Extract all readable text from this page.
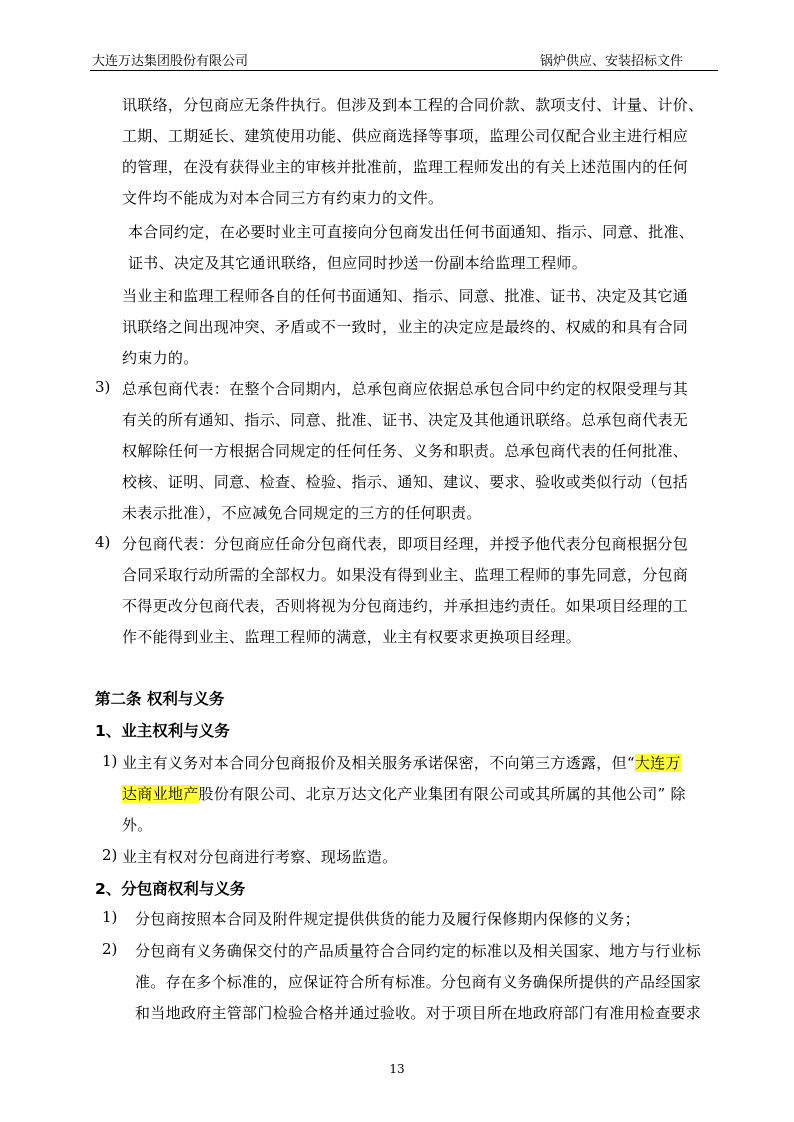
大连万达集团股份有限公司	锅炉供应、安装招标文件
讯联络，分包商应无条件执行。但涉及到本工程的合同价款、款项支付、计量、计价、
工期、工期延长、建筑使用功能、供应商选择等事项，监理公司仅配合业主进行相应
的管理，在没有获得业主的审核并批准前，监理工程师发出的有关上述范围内的任何
文件均不能成为对本合同三方有约束力的文件。
本合同约定，在必要时业主可直接向分包商发出任何书面通知、指示、同意、批准、
证书、决定及其它通讯联络，但应同时抄送一份副本给监理工程师。
当业主和监理工程师各自的任何书面通知、指示、同意、批准、证书、决定及其它通
讯联络之间出现冲突、矛盾或不一致时，业主的决定应是最终的、权威的和具有合同
约束力的。
3) 总承包商代表：在整个合同期内，总承包商应依据总承包合同中约定的权限受理与其
有关的所有通知、指示、同意、批准、证书、决定及其他通讯联络。总承包商代表无
权解除任何一方根据合同规定的任何任务、义务和职责。总承包商代表的任何批准、
校核、证明、同意、检查、检验、指示、通知、建议、要求、验收或类似行动（包括
未表示批准），不应减免合同规定的三方的任何职责。
4) 分包商代表：分包商应任命分包商代表，即项目经理，并授予他代表分包商根据分包
合同采取行动所需的全部权力。如果没有得到业主、监理工程师的事先同意，分包商
不得更改分包商代表，否则将视为分包商违约，并承担违约责任。如果项目经理的工
作不能得到业主、监理工程师的满意，业主有权要求更换项目经理。
第二条 权利与义务
1、业主权利与义务
1) 业主有义务对本合同分包商报价及相关服务承诺保密，不向第三方透露，但“大连万
达商业地产股份有限公司、北京万达文化产业集团有限公司或其所属的其他公司” 除
外。
2) 业主有权对分包商进行考察、现场监造。
2、分包商权利与义务
1) 分包商按照本合同及附件规定提供供货的能力及履行保修期内保修的义务；
2) 分包商有义务确保交付的产品质量符合合同约定的标准以及相关国家、地方与行业标
准。存在多个标准的，应保证符合所有标准。分包商有义务确保所提供的产品经国家
和当地政府主管部门检验合格并通过验收。对于项目所在地政府部门有准用检查要求
13
